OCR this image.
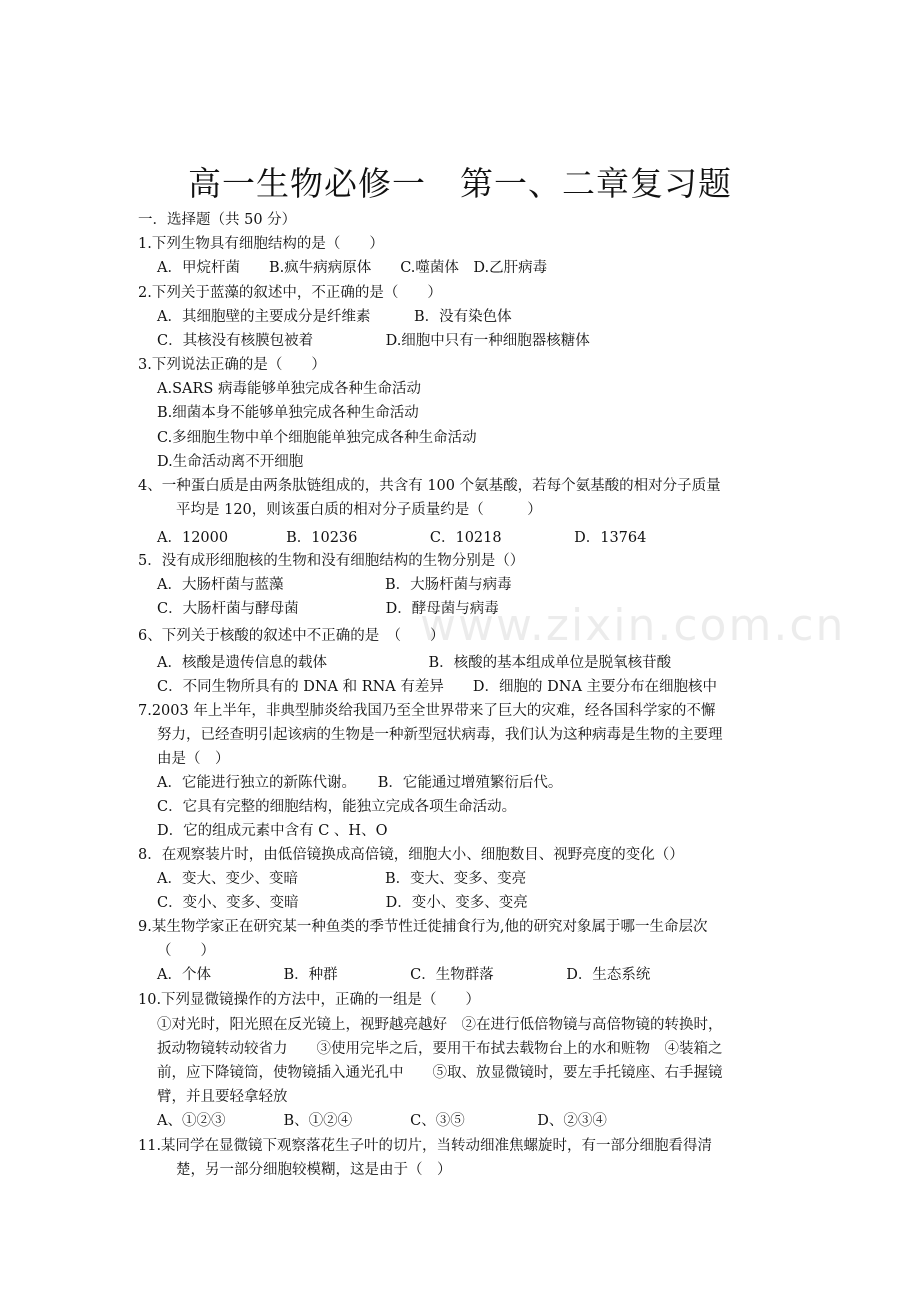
www.zixin.com.cn
高一生物必修一　第一、二章复习题
一．选择题（共 50 分）
1.下列生物具有细胞结构的是（　　）
A．甲烷杆菌　　B.疯牛病病原体　　C.噬菌体　D.乙肝病毒
2.下列关于蓝藻的叙述中，不正确的是（　　）
A．其细胞壁的主要成分是纤维素　　　B．没有染色体
C．其核没有核膜包被着　　　　　D.细胞中只有一种细胞器核糖体
3.下列说法正确的是（　　）
A.SARS 病毒能够单独完成各种生命活动
B.细菌本身不能够单独完成各种生命活动
C.多细胞生物中单个细胞能单独完成各种生命活动
D.生命活动离不开细胞
4、一种蛋白质是由两条肽链组成的，共含有 100 个氨基酸，若每个氨基酸的相对分子质量
平均是 120，则该蛋白质的相对分子质量约是（　　　）
A．12000　　　　B．10236　　　　　C．10218　　　　　D．13764
5．没有成形细胞核的生物和没有细胞结构的生物分别是（）
A．大肠杆菌与蓝藻　　　　　　　B．大肠杆菌与病毒
C．大肠杆菌与酵母菌　　　　　　D．酵母菌与病毒
6、下列关于核酸的叙述中不正确的是　（　　）
A．核酸是遗传信息的载体　　　　　　　B．核酸的基本组成单位是脱氧核苷酸
C．不同生物所具有的 DNA 和 RNA 有差异　　D．细胞的 DNA 主要分布在细胞核中
7.2003 年上半年，非典型肺炎给我国乃至全世界带来了巨大的灾难，经各国科学家的不懈
努力，已经查明引起该病的生物是一种新型冠状病毒，我们认为这种病毒是生物的主要理
由是（　）
A．它能进行独立的新陈代谢。　　B．它能通过增殖繁衍后代。
C．它具有完整的细胞结构，能独立完成各项生命活动。
D．它的组成元素中含有 C 、H、O
8．在观察装片时，由低倍镜换成高倍镜，细胞大小、细胞数目、视野亮度的变化（）
A．变大、变少、变暗　　　　　　B．变大、变多、变亮
C．变小、变多、变暗　　　　　　D．变小、变多、变亮
9.某生物学家正在研究某一种鱼类的季节性迁徙捕食行为,他的研究对象属于哪一生命层次
（　　）
A．个体　　　　　B．种群　　　　　C．生物群落　　　　　D．生态系统
10.下列显微镜操作的方法中，正确的一组是（　　）
①对光时，阳光照在反光镜上，视野越亮越好　②在进行低倍物镜与高倍物镜的转换时，
扳动物镜转动较省力　　③使用完毕之后，要用干布拭去载物台上的水和赃物　④装箱之
前，应下降镜筒，使物镜插入通光孔中　　⑤取、放显微镜时，要左手托镜座、右手握镜
臂，并且要轻拿轻放
A、①②③　　　　B、①②④　　　　C、③⑤　　　　　D、②③④
11.某同学在显微镜下观察落花生子叶的切片，当转动细准焦螺旋时，有一部分细胞看得清
楚，另一部分细胞较模糊，这是由于（　）
